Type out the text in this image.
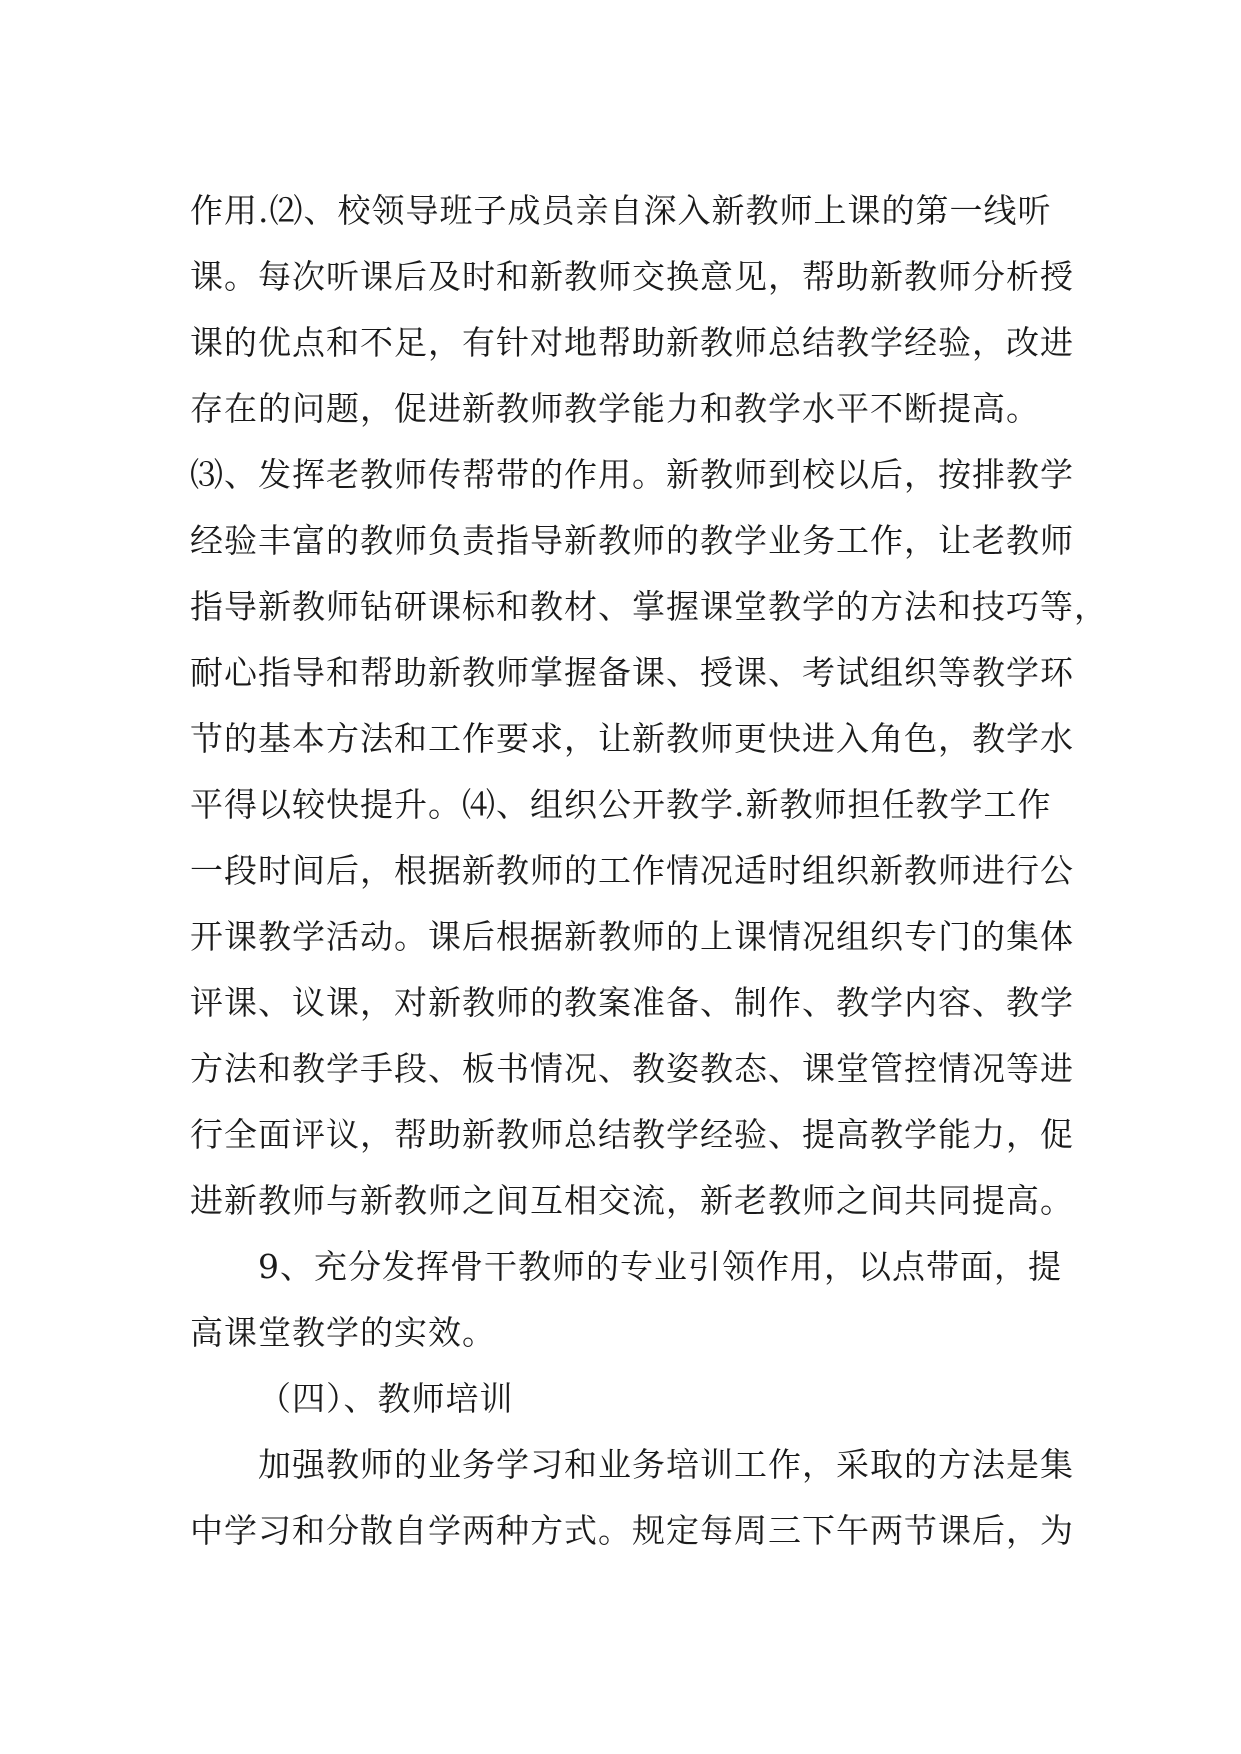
作用.⑵、校领导班子成员亲自深入新教师上课的第一线听
课。每次听课后及时和新教师交换意见，帮助新教师分析授
课的优点和不足，有针对地帮助新教师总结教学经验，改进
存在的问题，促进新教师教学能力和教学水平不断提高。
⑶、发挥老教师传帮带的作用。新教师到校以后，按排教学
经验丰富的教师负责指导新教师的教学业务工作，让老教师
指导新教师钻研课标和教材、掌握课堂教学的方法和技巧等，
耐心指导和帮助新教师掌握备课、授课、考试组织等教学环
节的基本方法和工作要求，让新教师更快进入角色，教学水
平得以较快提升。⑷、组织公开教学.新教师担任教学工作
一段时间后，根据新教师的工作情况适时组织新教师进行公
开课教学活动。课后根据新教师的上课情况组织专门的集体
评课、议课，对新教师的教案准备、制作、教学内容、教学
方法和教学手段、板书情况、教姿教态、课堂管控情况等进
行全面评议，帮助新教师总结教学经验、提高教学能力，促
进新教师与新教师之间互相交流，新老教师之间共同提高。
9、充分发挥骨干教师的专业引领作用，以点带面，提
高课堂教学的实效。
（四）、教师培训
加强教师的业务学习和业务培训工作，采取的方法是集
中学习和分散自学两种方式。规定每周三下午两节课后，为
